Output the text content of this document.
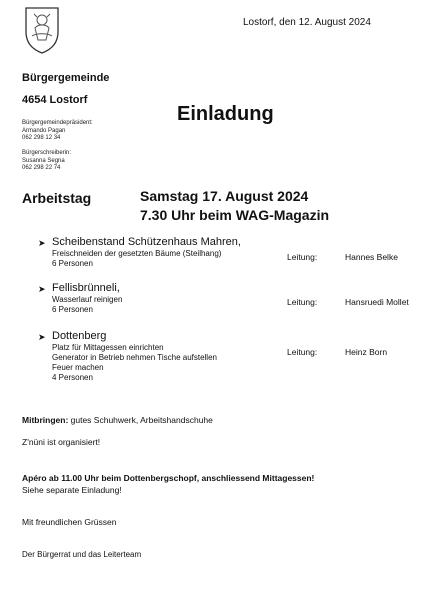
Lostorf, den 12. August 2024
Bürgergemeinde
4654 Lostorf
Bürgergemeindepräsident:
Armando Pagan
062 298 12 34
Bürgerschreiberin:
Susanna Segna
062 298 22 74
Einladung
Arbeitstag	Samstag 17. August 2024
7.30 Uhr beim WAG-Magazin
➤ Scheibenstand Schützenhaus Mahren,
Freischneiden der gesetzten Bäume (Steilhang)
6 Personen
Leitung:	Hannes Belke
➤ Fellisbrünneli,
Wasserlauf reinigen
6 Personen
Leitung:	Hansruedi Mollet
➤ Dottenberg
Platz für Mittagessen einrichten
Generator in Betrieb nehmen Tische aufstellen
Feuer machen
4 Personen
Leitung:	Heinz Born
Mitbringen: gutes Schuhwerk, Arbeitshandschuhe
Z'nüni ist organisiert!
Apéro ab 11.00 Uhr beim Dottenbergschopf, anschliessend Mittagessen!
Siehe separate Einladung!
Mit freundlichen Grüssen
Der Bürgerrat und das Leiterteam
